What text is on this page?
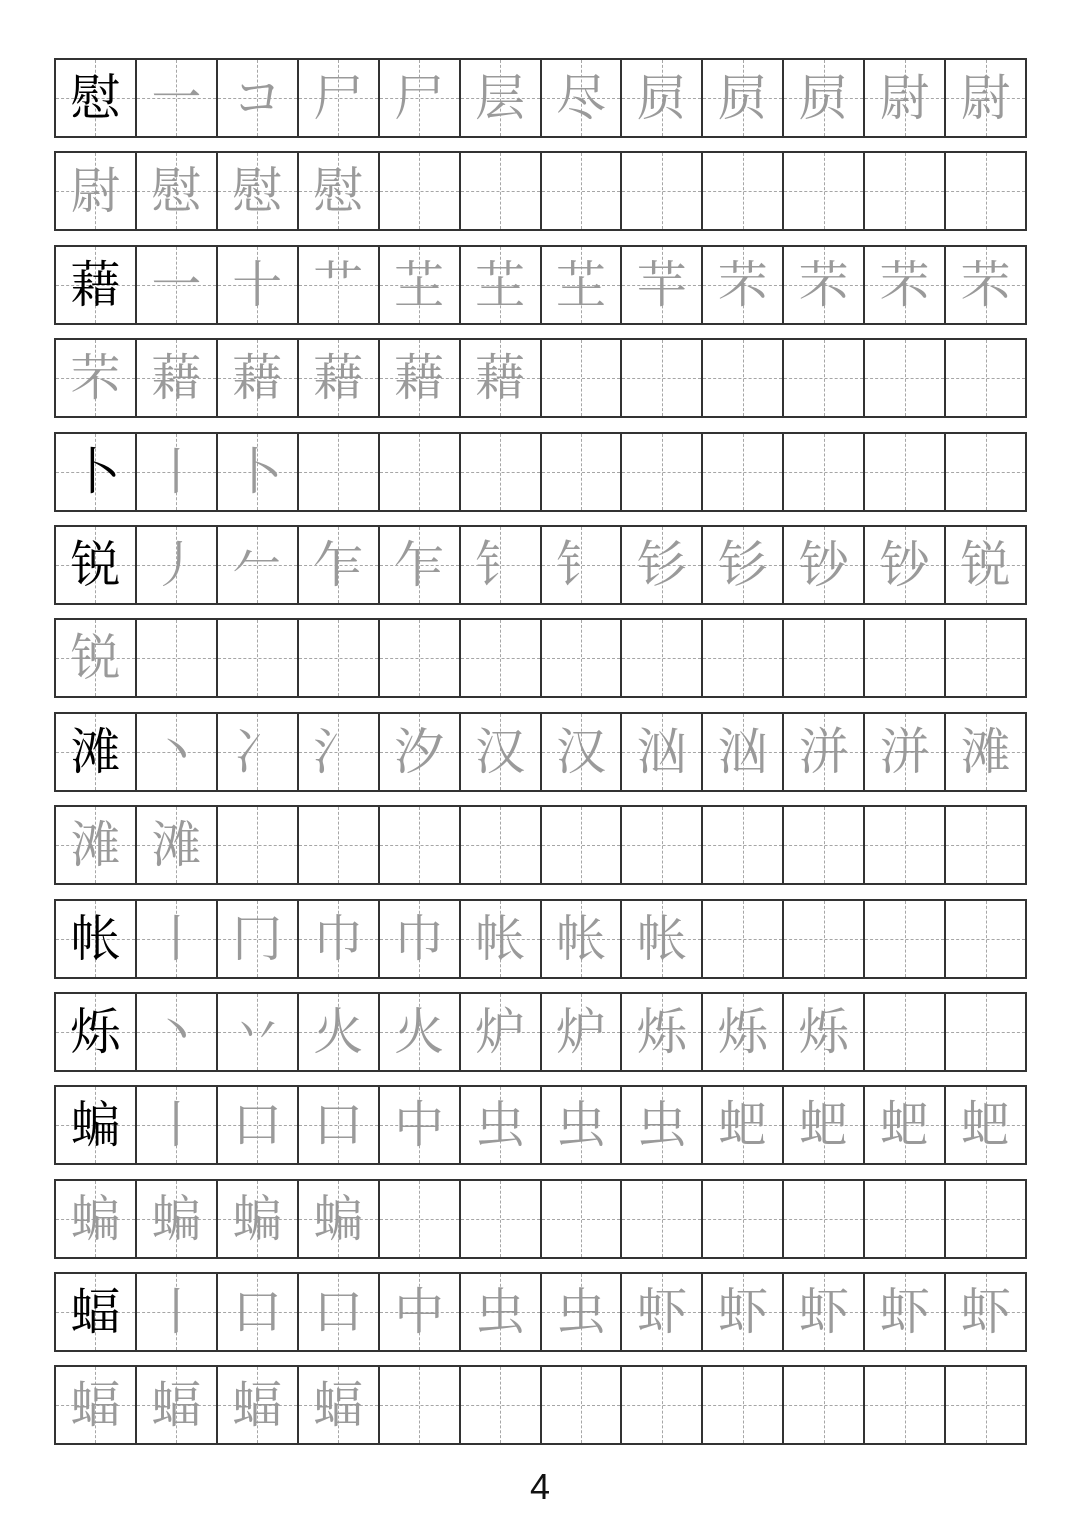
慰 一 コ 尸 尸 层 尽 屃 屃 屃 尉 尉
尉 慰 慰 慰
藉 一 十 艹 芏 芏 芏 芉 芣 芣 芣 芣
芣 藉 藉 藉 藉 藉
卜 丨 卜
锐 丿 𠂉 乍 乍 钅 钅 钐 钐 钞 钞 锐
锐
滩 丶 冫 氵 汐 汉 汉 汹 汹 洴 洴 滩
滩 滩
帐 丨 冂 巾 巾 帐 帐 帐
烁 丶 丷 火 火 炉 炉 烁 烁 烁
蝙 丨 口 口 中 虫 虫 虫 蚆 蚆 蚆 蚆
蝙 蝙 蝙 蝙
蝠 丨 口 口 中 虫 虫 虾 虾 虾 虾 虾
蝠 蝠 蝠 蝠
4
